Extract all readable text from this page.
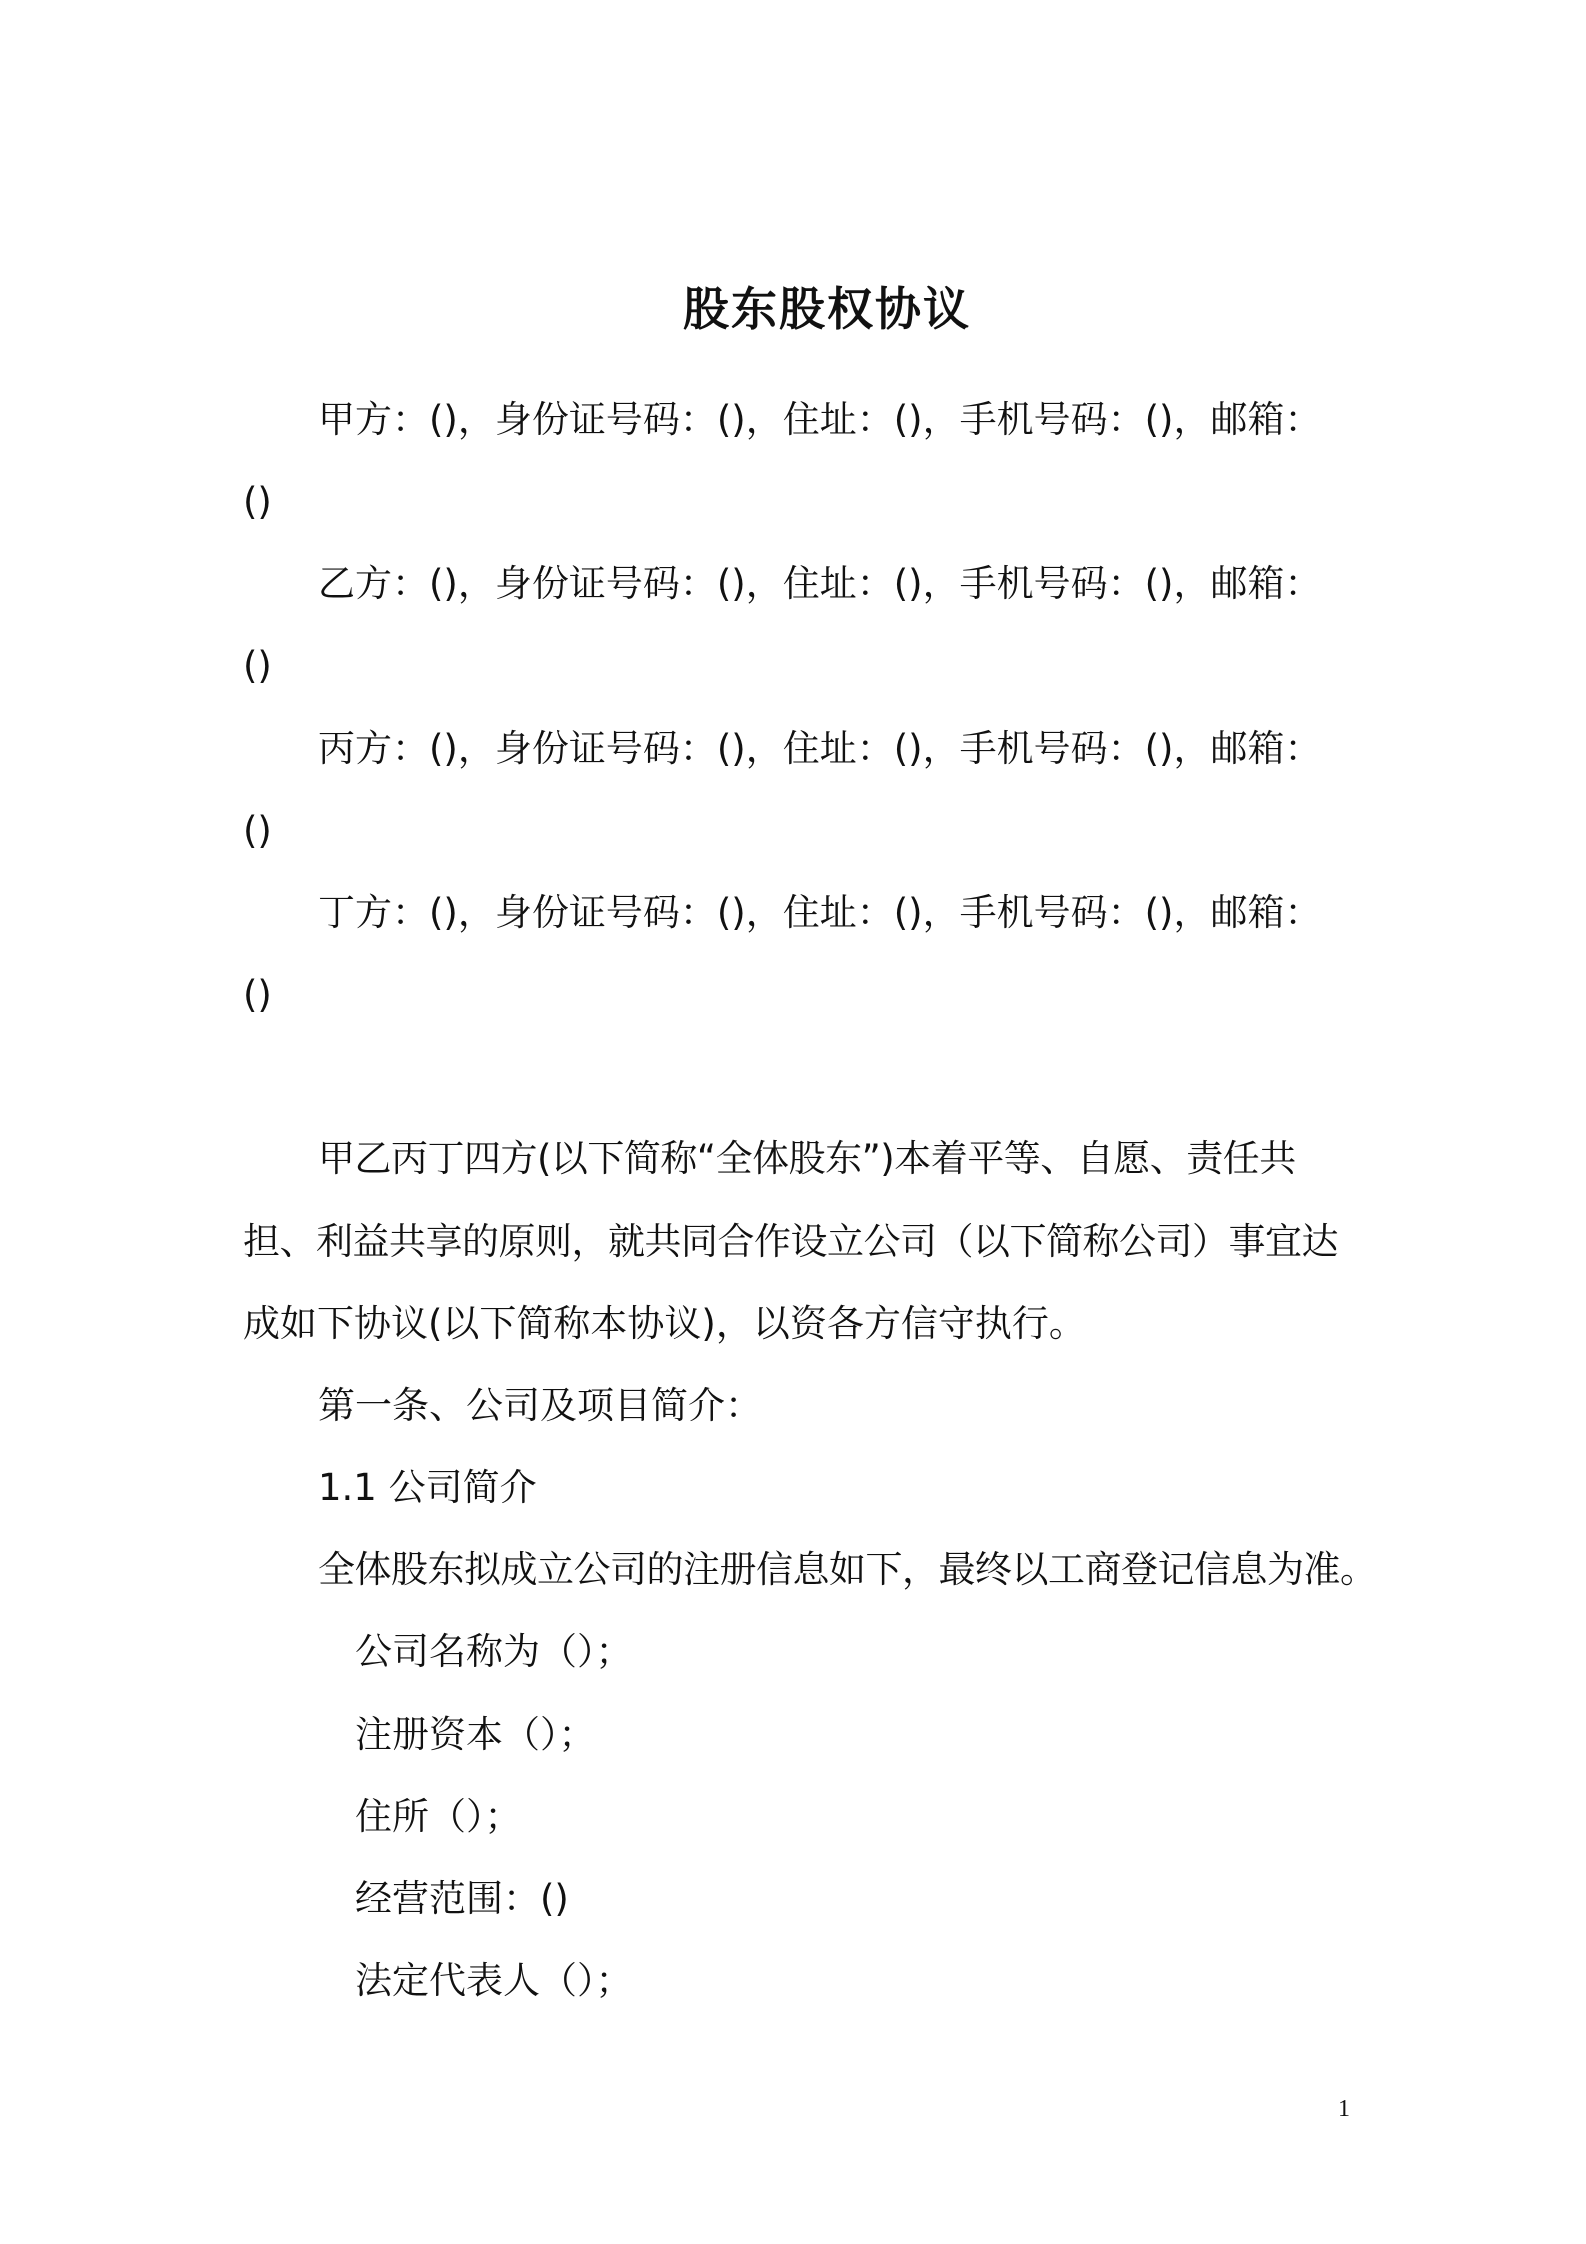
股东股权协议
甲方：()，身份证号码：()，住址：()，手机号码：()，邮箱：
()
乙方：()，身份证号码：()，住址：()，手机号码：()，邮箱：
()
丙方：()，身份证号码：()，住址：()，手机号码：()，邮箱：
()
丁方：()，身份证号码：()，住址：()，手机号码：()，邮箱：
()
甲乙丙丁四方(以下简称“全体股东”)本着平等、自愿、责任共
担、利益共享的原则，就共同合作设立公司（以下简称公司）事宜达
成如下协议(以下简称本协议)，以资各方信守执行。
第一条、公司及项目简介：
1.1 公司简介
全体股东拟成立公司的注册信息如下，最终以工商登记信息为准。
公司名称为（）；
注册资本（）；
住所（）；
经营范围：()
法定代表人（）；
1
